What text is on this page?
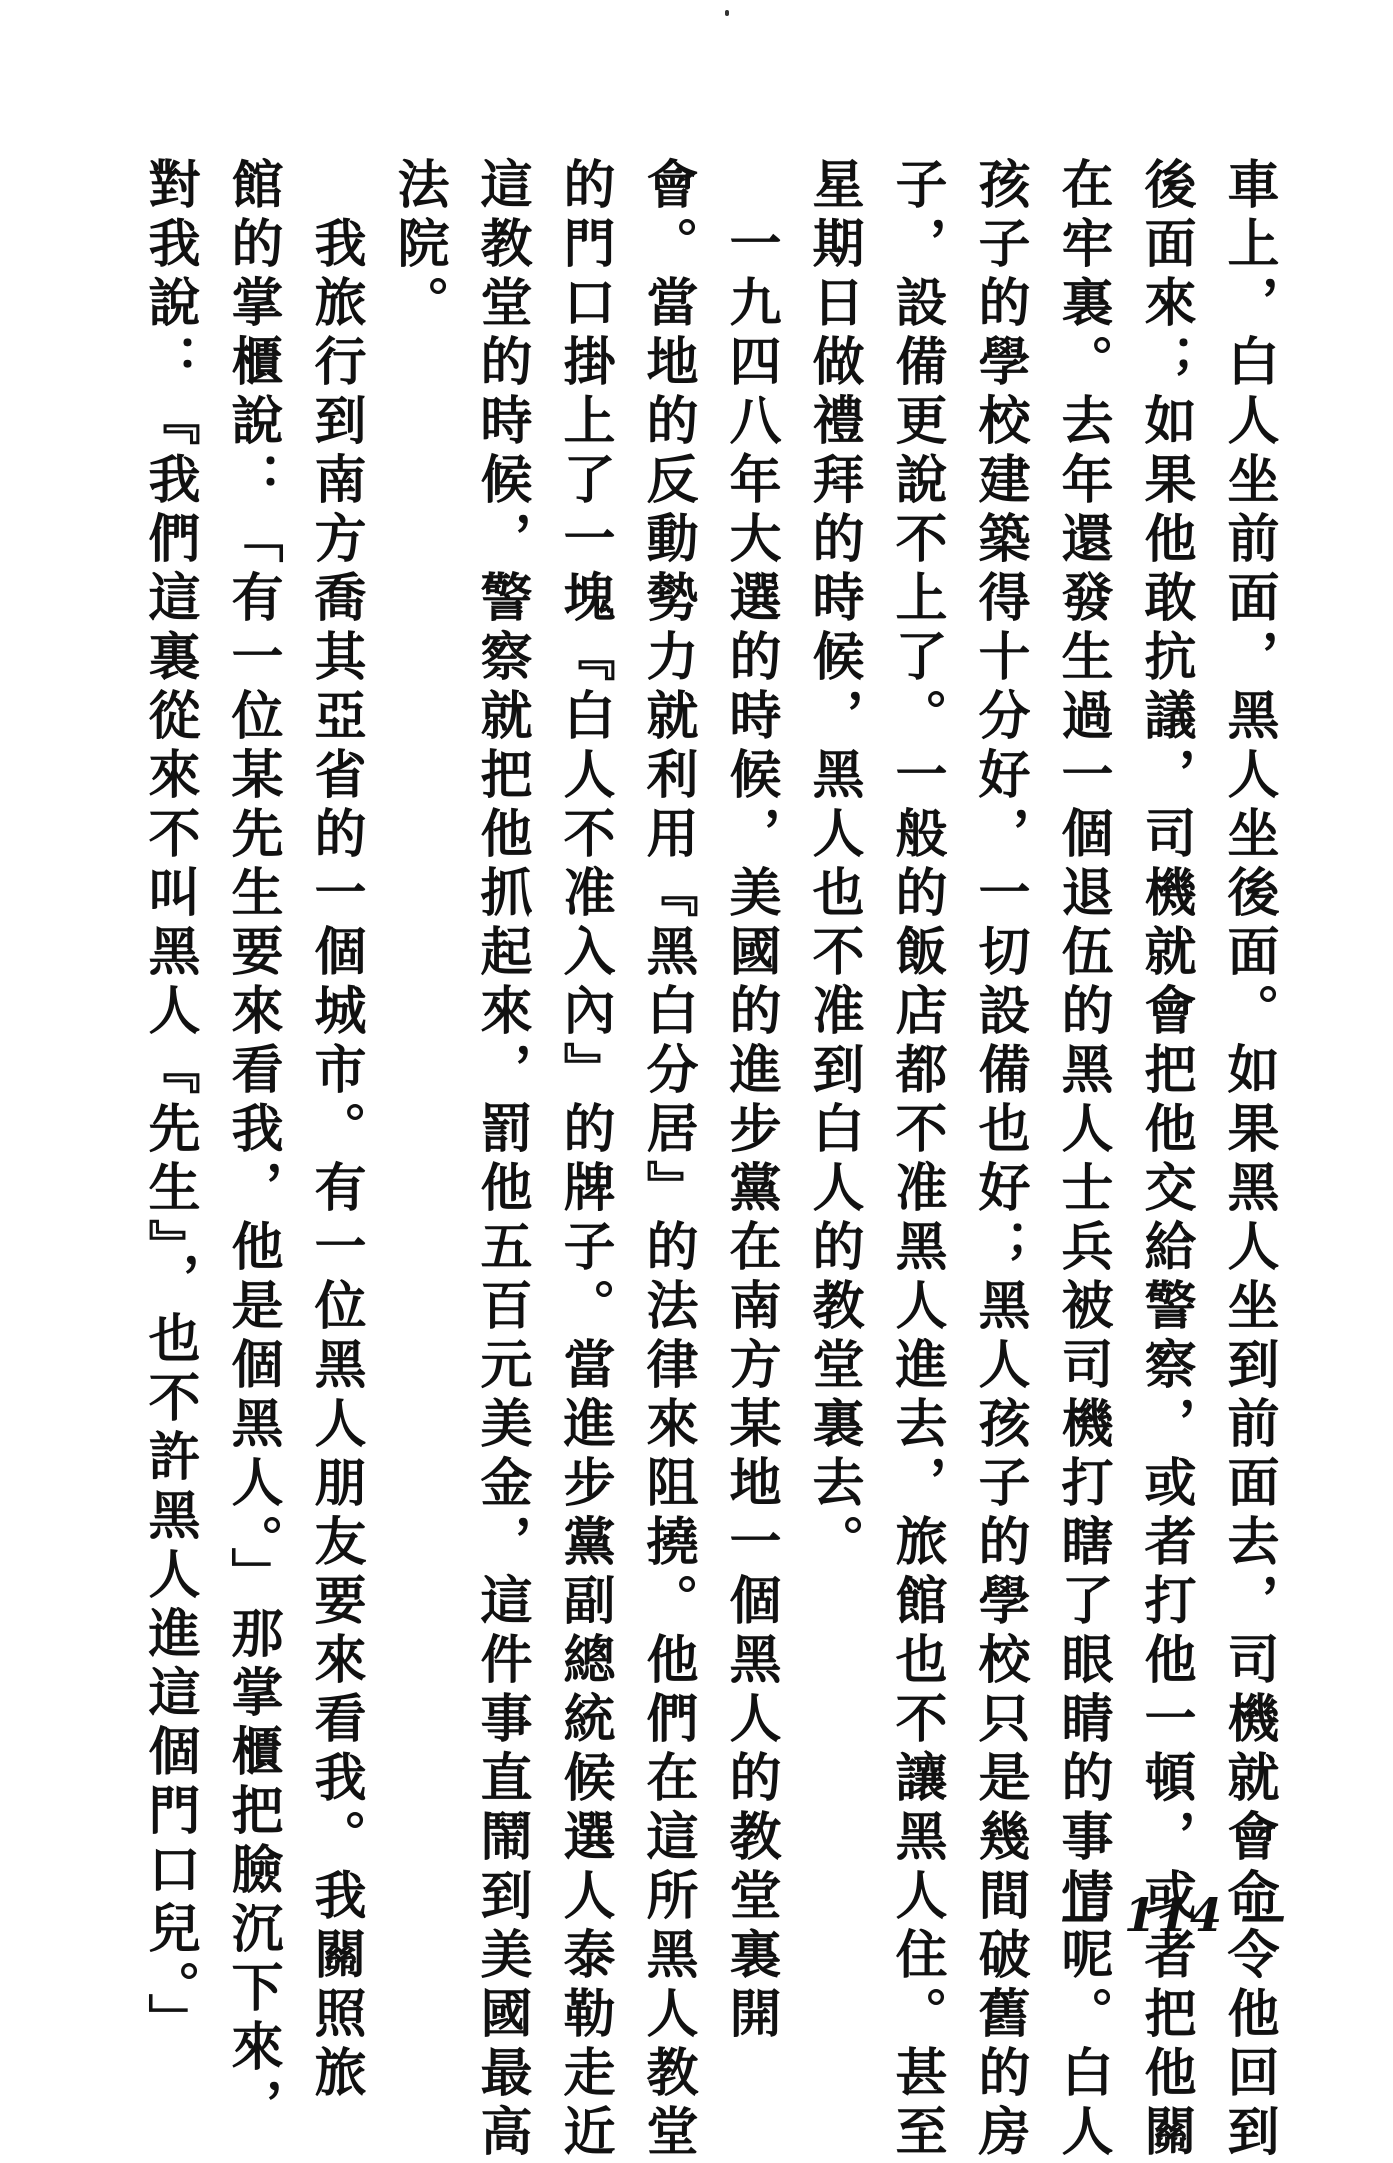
車上，白人坐前面，黑人坐後面。如果黑人坐到前面去，司機就會命令他回到
後面來；如果他敢抗議，司機就會把他交給警察，或者打他一頓，或者把他關
在牢裏。去年還發生過一個退伍的黑人士兵被司機打瞎了眼睛的事情呢。白人
孩子的學校建築得十分好，一切設備也好；黑人孩子的學校只是幾間破舊的房
子，設備更說不上了。一般的飯店都不准黑人進去，旅館也不讓黑人住。甚至
星期日做禮拜的時候，黑人也不准到白人的教堂裏去。
　一九四八年大選的時候，美國的進步黨在南方某地一個黑人的教堂裏開
會。當地的反動勢力就利用『黑白分居』的法律來阻撓。他們在這所黑人教堂
的門口掛上了一塊『白人不准入內』的牌子。當進步黨副總統候選人泰勒走近
這教堂的時候，警察就把他抓起來，罰他五百元美金，這件事直鬧到美國最高
法院。
　我旅行到南方喬其亞省的一個城市。有一位黑人朋友要來看我。我關照旅
館的掌櫃說：「有一位某先生要來看我，他是個黑人。」那掌櫃把臉沉下來，
對我說：『我們這裏從來不叫黑人『先生』，也不許黑人進這個門口兒。」	— 114 —
